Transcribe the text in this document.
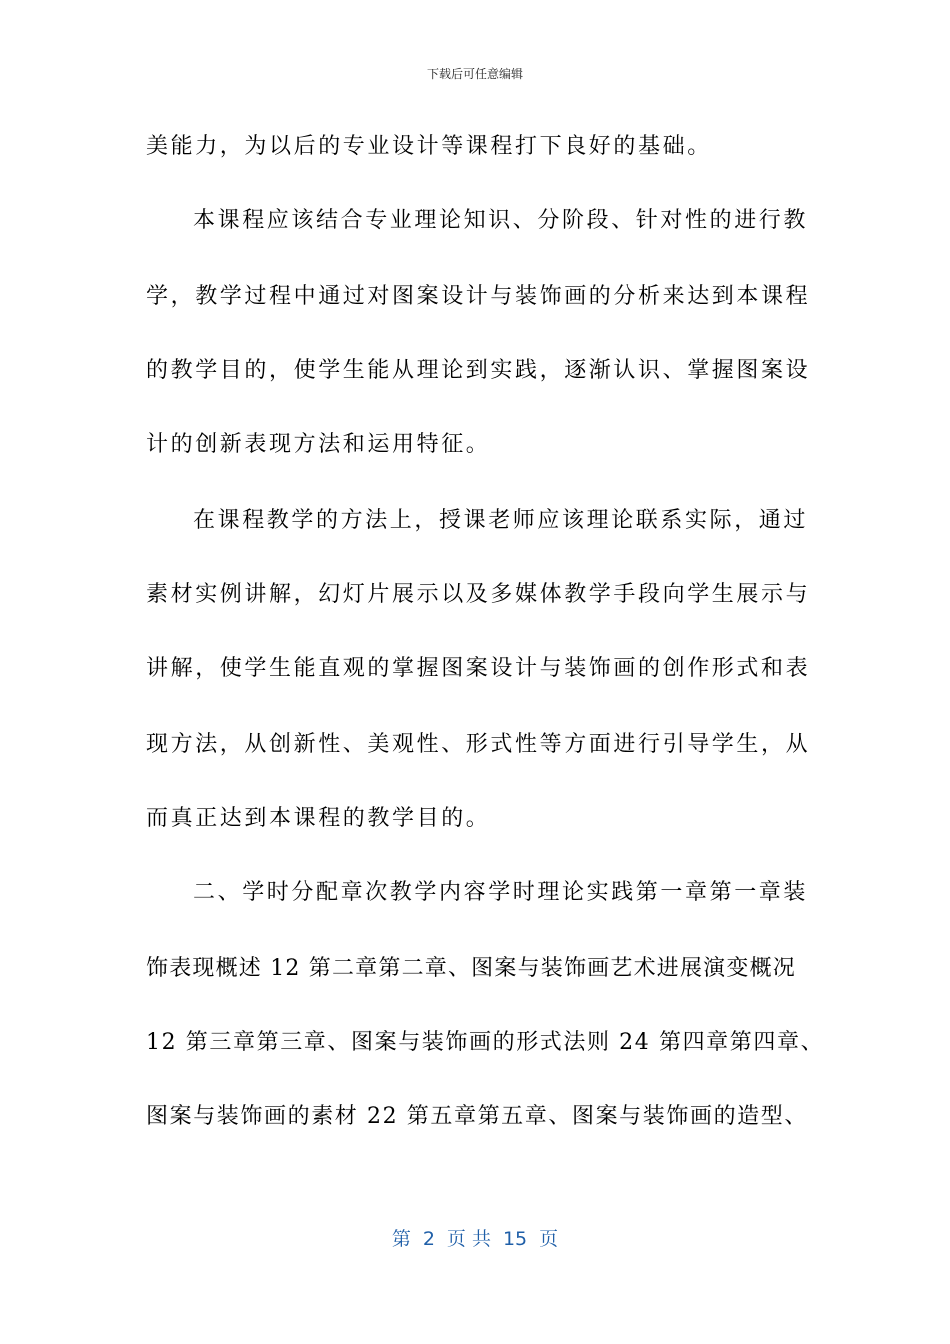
下载后可任意编辑
美能力，为以后的专业设计等课程打下良好的基础。
本课程应该结合专业理论知识、分阶段、针对性的进行教
学，教学过程中通过对图案设计与装饰画的分析来达到本课程
的教学目的，使学生能从理论到实践，逐渐认识、掌握图案设
计的创新表现方法和运用特征。
在课程教学的方法上，授课老师应该理论联系实际，通过
素材实例讲解，幻灯片展示以及多媒体教学手段向学生展示与
讲解，使学生能直观的掌握图案设计与装饰画的创作形式和表
现方法，从创新性、美观性、形式性等方面进行引导学生，从
而真正达到本课程的教学目的。
二、学时分配章次教学内容学时理论实践第一章第一章装
饰表现概述 12 第二章第二章、图案与装饰画艺术进展演变概况
12 第三章第三章、图案与装饰画的形式法则 24 第四章第四章、
图案与装饰画的素材 22 第五章第五章、图案与装饰画的造型、
第 2 页 共 15 页
